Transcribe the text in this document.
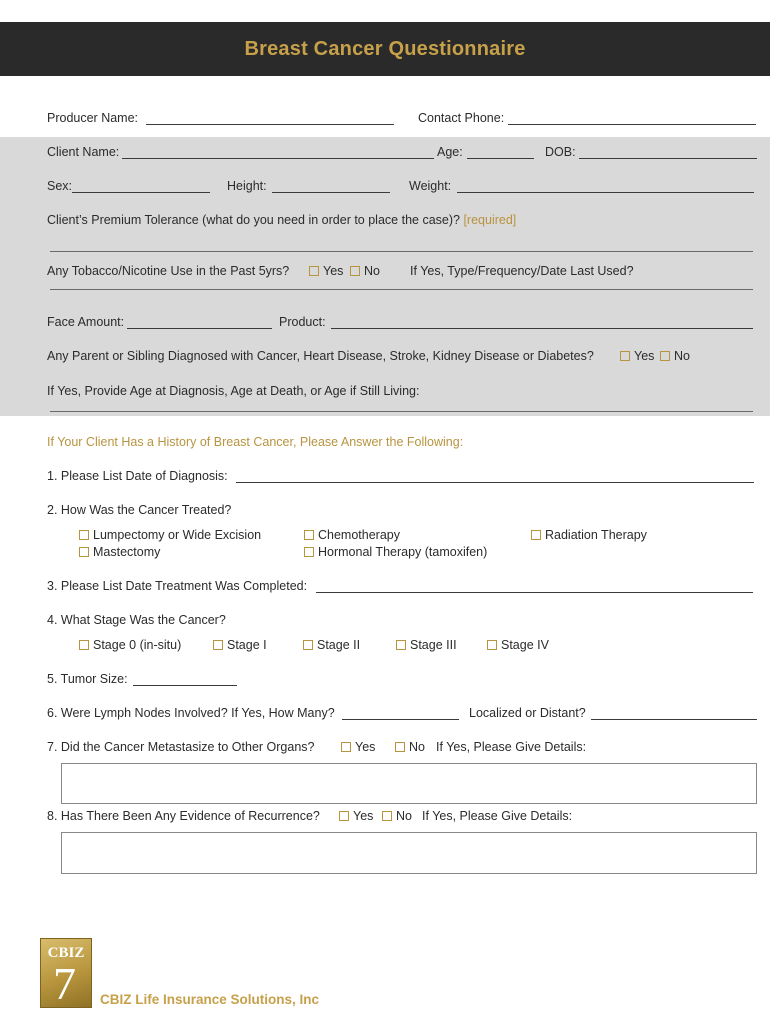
Breast Cancer Questionnaire
Producer Name:	Contact Phone:
Client Name:	Age:	DOB:
Sex:	Height:	Weight:
Client’s Premium Tolerance (what do you need in order to place the case)? [required]
Any Tobacco/Nicotine Use in the Past 5yrs?	Yes	No If Yes, Type/Frequency/Date Last Used?
Face Amount:	Product:
Any Parent or Sibling Diagnosed with Cancer, Heart Disease, Stroke, Kidney Disease or Diabetes?	Yes	No
If Yes, Provide Age at Diagnosis, Age at Death, or Age if Still Living:
If Your Client Has a History of Breast Cancer, Please Answer the Following:
1. Please List Date of Diagnosis:
2. How Was the Cancer Treated?
Lumpectomy or Wide Excision
Mastectomy
Chemotherapy
Hormonal Therapy (tamoxifen)
Radiation Therapy
3. Please List Date Treatment Was Completed:
4. What Stage Was the Cancer?
Stage 0 (in-situ)	Stage I	Stage II	Stage III	Stage IV
5. Tumor Size:
6. Were Lymph Nodes Involved? If Yes, How Many?	Localized or Distant?
7. Did the Cancer Metastasize to Other Organs?	Yes	No If Yes, Please Give Details:
8. Has There Been Any Evidence of Recurrence?	Yes	No If Yes, Please Give Details:
CBIZ
7 CBIZ Life Insurance Solutions, Inc
